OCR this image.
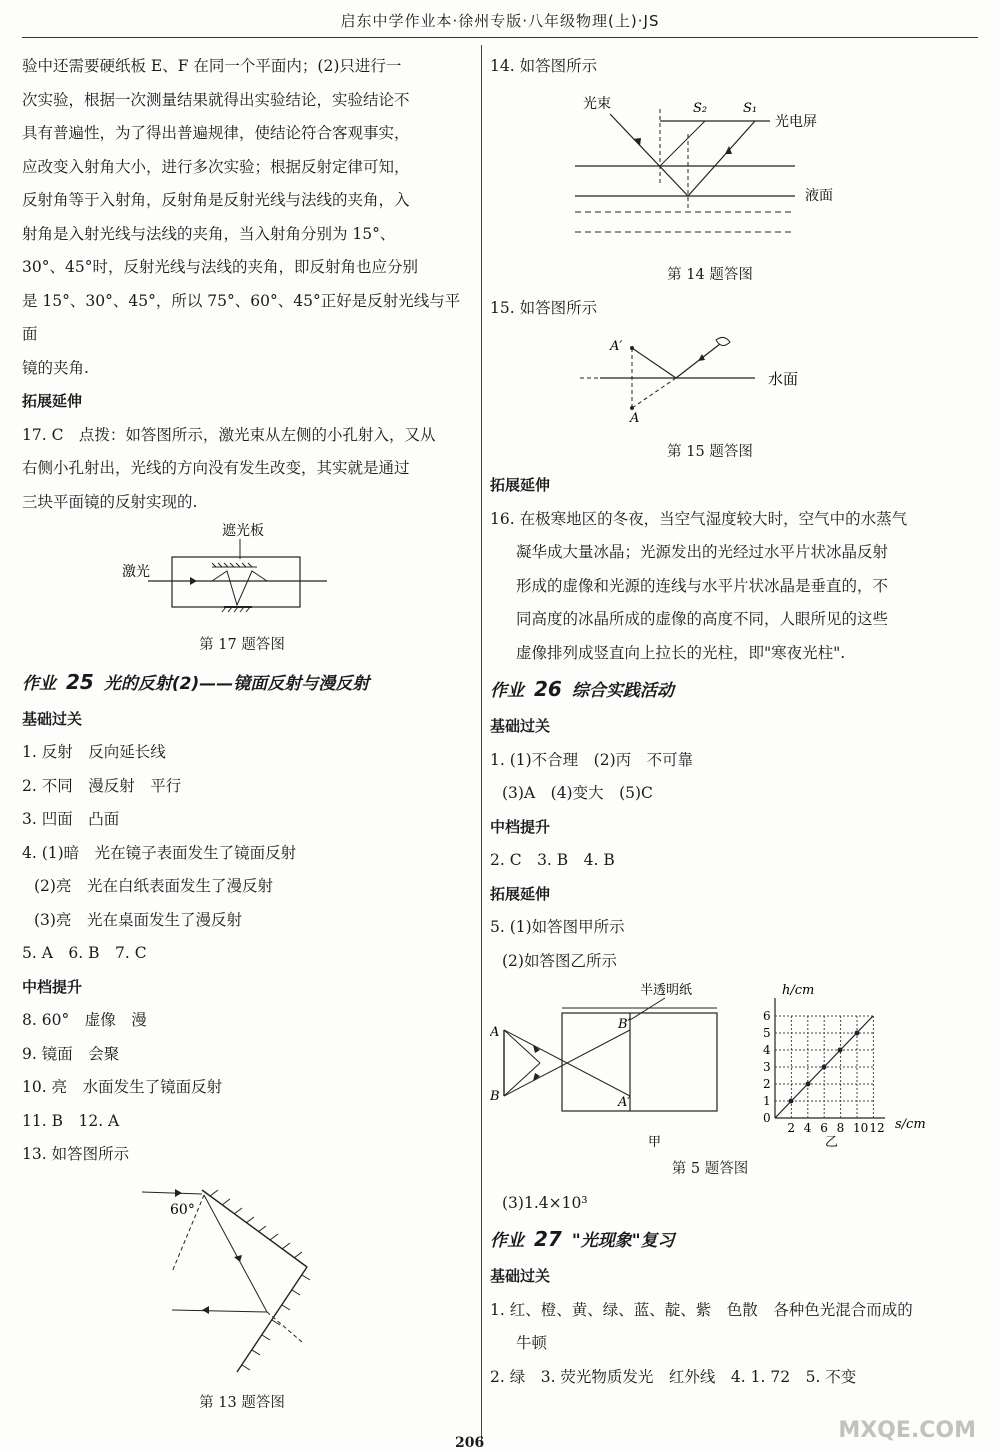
启东中学作业本·徐州专版·八年级物理(上)·JS

验中还需要硬纸板 E、F 在同一个平面内；(2)只进行一

次实验，根据一次测量结果就得出实验结论，实验结论不

具有普遍性，为了得出普遍规律，使结论符合客观事实，

应改变入射角大小，进行多次实验；根据反射定律可知，

反射角等于入射角，反射角是反射光线与法线的夹角，入

射角是入射光线与法线的夹角，当入射角分别为 15°、

30°、45°时，反射光线与法线的夹角，即反射角也应分别

是 15°、30°、45°，所以 75°、60°、45°正好是反射光线与平面

镜的夹角.

拓展延伸

17. C　点拨：如答图所示，激光束从左侧的小孔射入，又从

右侧小孔射出，光线的方向没有发生改变，其实就是通过

三块平面镜的反射实现的.

遮光板
激光

第 17 题答图

作业 25 光的反射(2)——镜面反射与漫反射

基础过关

1. 反射　反向延长线

2. 不同　漫反射　平行

3. 凹面　凸面

4. (1)暗　光在镜子表面发生了镜面反射

(2)亮　光在白纸表面发生了漫反射

(3)亮　光在桌面发生了漫反射

5. A　6. B　7. C

中档提升

8. 60°　虚像　漫

9. 镜面　会聚

10. 亮　水面发生了镜面反射

11. B　12. A

13. 如答图所示

60°

第 13 题答图

14. 如答图所示

光束	S₂	S₁
光电屏
液面

第 14 题答图

15. 如答图所示

A′
水面
A

第 15 题答图

拓展延伸

16. 在极寒地区的冬夜，当空气湿度较大时，空气中的水蒸气

凝华成大量冰晶；光源发出的光经过水平片状冰晶反射

形成的虚像和光源的连线与水平片状冰晶是垂直的，不

同高度的冰晶所成的虚像的高度不同，人眼所见的这些

虚像排列成竖直向上拉长的光柱，即"寒夜光柱".

作业 26 综合实践活动

基础过关

1. (1)不合理　(2)丙　不可靠

(3)A　(4)变大　(5)C

中档提升

2. C　3. B　4. B

拓展延伸

5. (1)如答图甲所示

(2)如答图乙所示

半透明纸
A
B
B′
A′
甲
h/cm
0
1
2
3
4
5
6
2 4 6 8 10 12 s/cm
乙

第 5 题答图

(3)1.4×10³

作业 27 "光现象"复习

基础过关

1. 红、橙、黄、绿、蓝、靛、紫　色散　各种色光混合而成的

牛顿

2. 绿　3. 荧光物质发光　红外线　4. 1. 72　5. 不变

206	MXQE.COM
